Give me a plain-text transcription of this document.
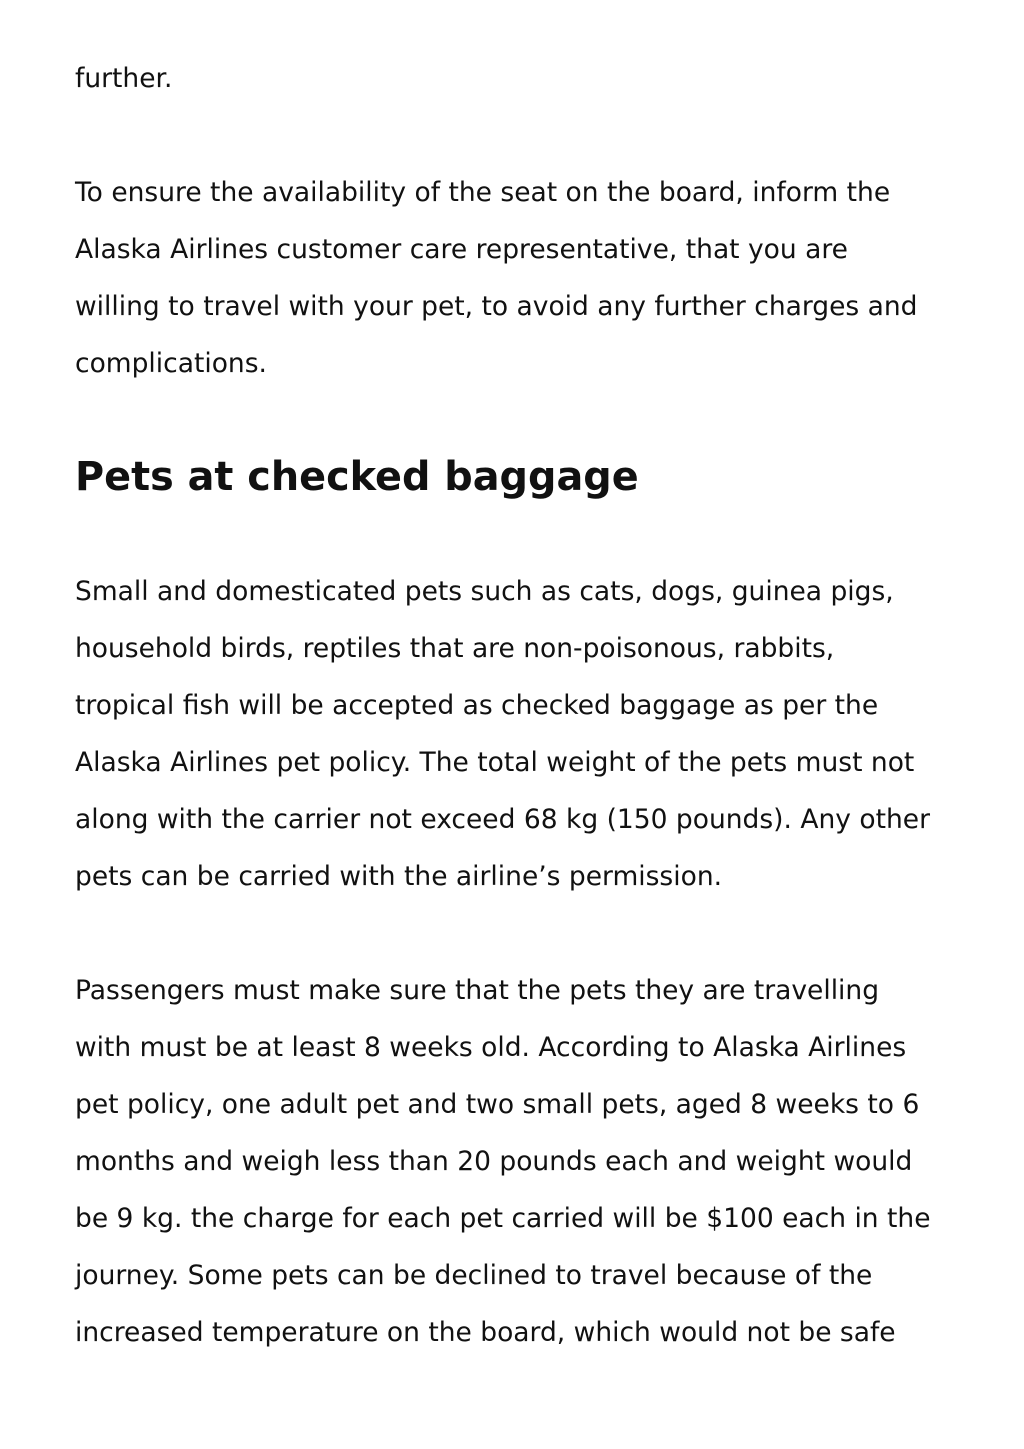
further.

To ensure the availability of the seat on the board, inform the
Alaska Airlines customer care representative, that you are
willing to travel with your pet, to avoid any further charges and
complications.

Pets at checked baggage

Small and domesticated pets such as cats, dogs, guinea pigs,
household birds, reptiles that are non-poisonous, rabbits,
tropical fish will be accepted as checked baggage as per the
Alaska Airlines pet policy. The total weight of the pets must not
along with the carrier not exceed 68 kg (150 pounds). Any other
pets can be carried with the airline’s permission.

Passengers must make sure that the pets they are travelling
with must be at least 8 weeks old. According to Alaska Airlines
pet policy, one adult pet and two small pets, aged 8 weeks to 6
months and weigh less than 20 pounds each and weight would
be 9 kg. the charge for each pet carried will be $100 each in the
journey. Some pets can be declined to travel because of the
increased temperature on the board, which would not be safe
